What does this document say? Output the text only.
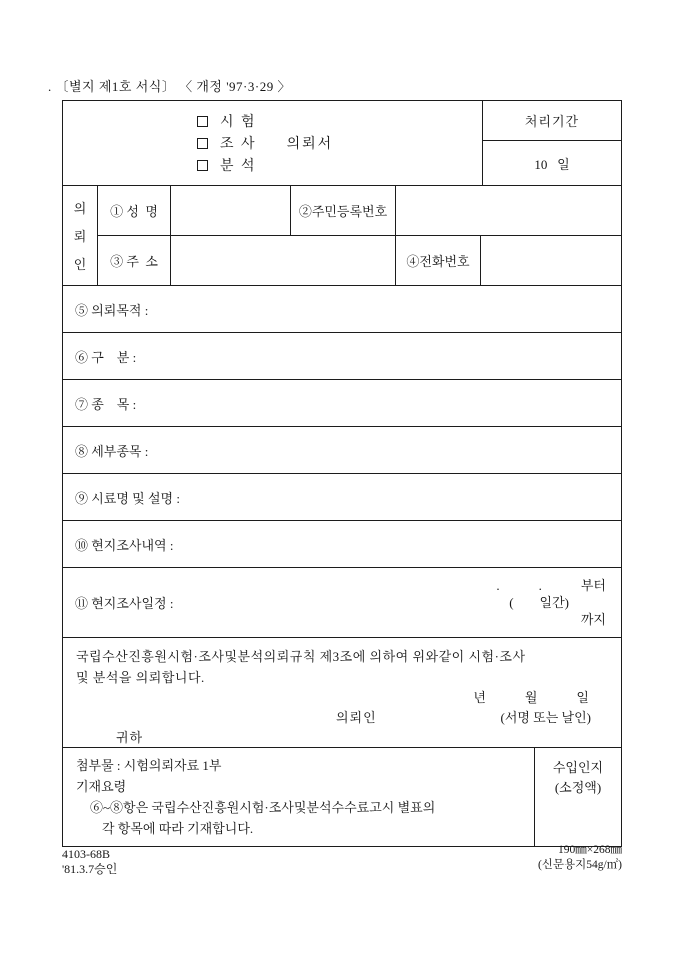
. 〔별지 제1호 서식〕 〈 개정 '97·3·29 〉
시 험
조 사 의뢰서
분 석
처리기간
10   일
의
뢰
인
① 성  명	②주민등록번호
③ 주  소	④전화번호
⑤ 의뢰목적 :
⑥ 구    분 :
⑦ 종    목 :
⑧ 세부종목 :
⑨ 시료명 및 설명 :
⑩ 현지조사내역 :
⑪ 현지조사일정 :
.            .            부터
(        일간)
까지
국립수산진흥원시험·조사및분석의뢰규칙 제3조에 의하여 위와같이 시험·조사
및 분석을 의뢰합니다.
년            월            일
의뢰인	(서명 또는 날인)
귀하
첨부물 : 시험의뢰자료 1부
기재요령
⑥~⑧항은 국립수산진흥원시험·조사및분석수수료고시 별표의
각 항목에 따라 기재합니다.
수입인지
(소정액)
4103-68B
'81.3.7승인
190㎜×268㎜
(신문용지54g/㎡)
